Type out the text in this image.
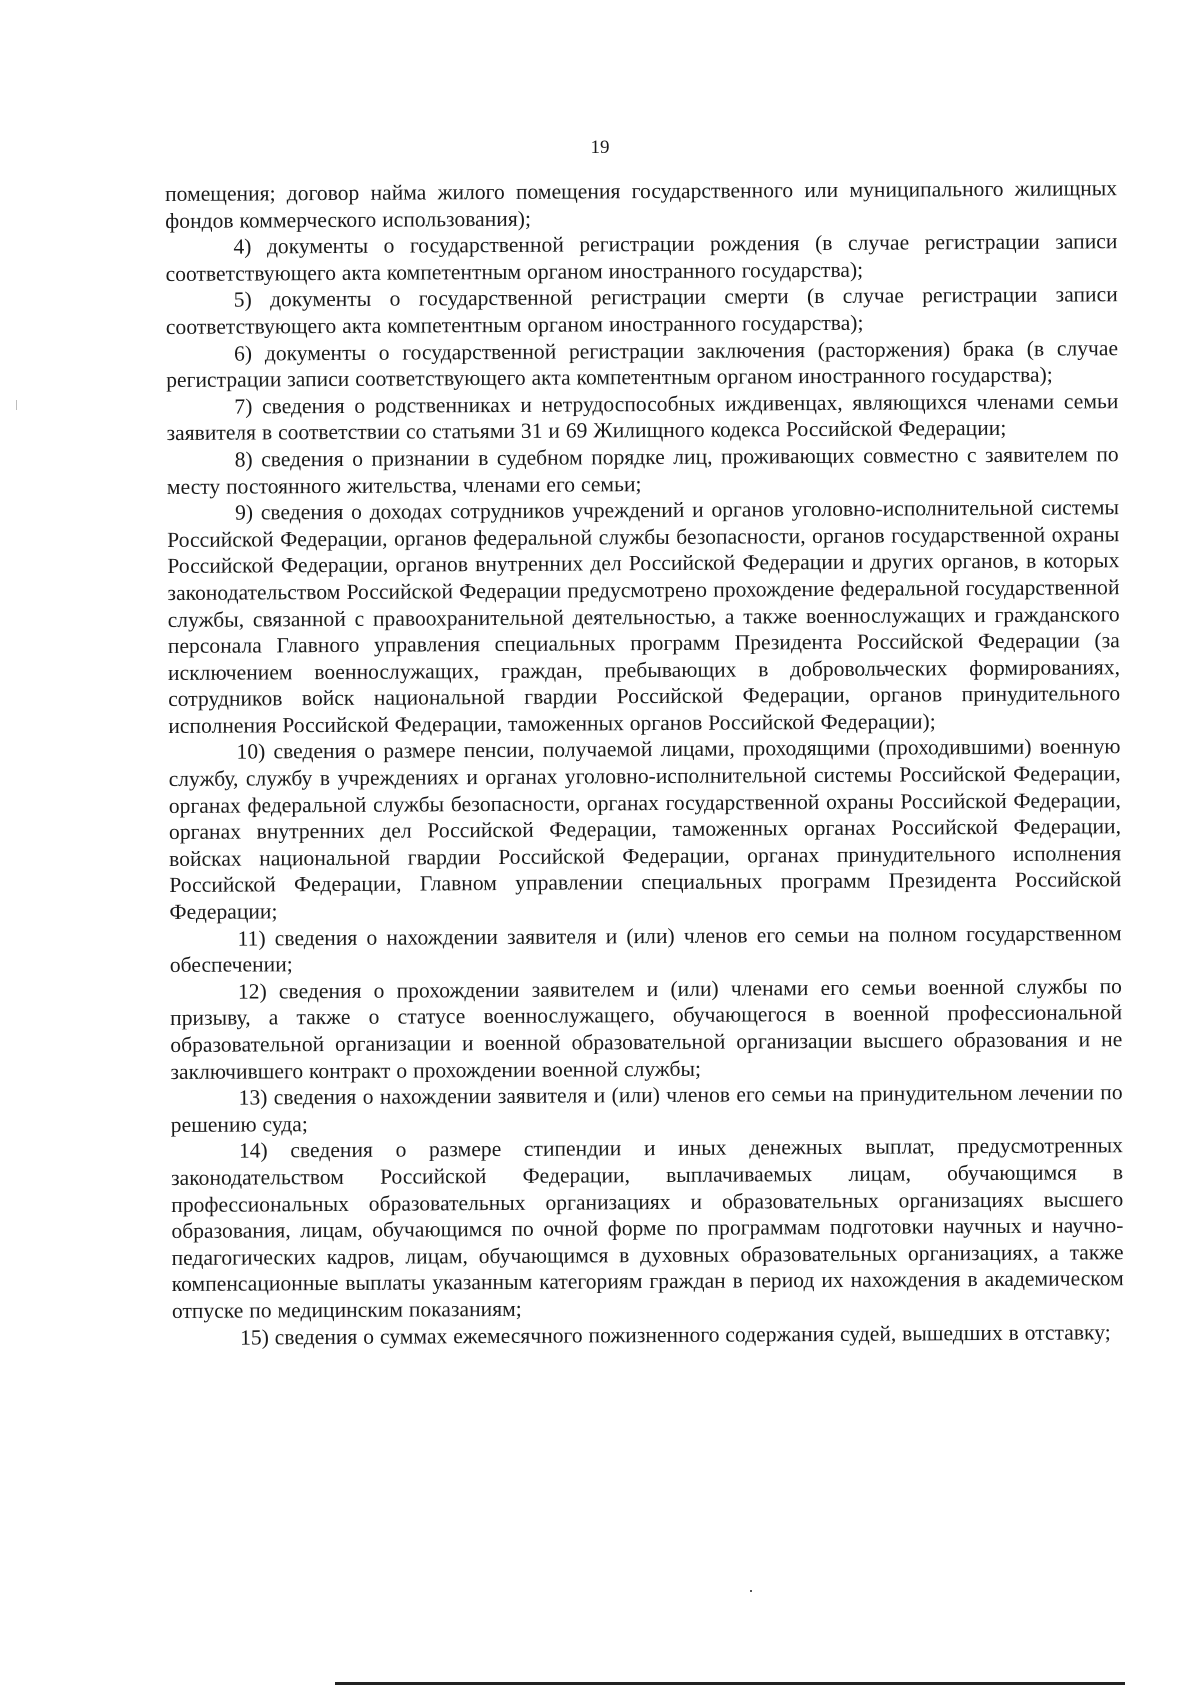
19

помещения; договор найма жилого помещения государственного или муниципального жилищных фондов коммерческого использования);

4) документы о государственной регистрации рождения (в случае регистрации записи соответствующего акта компетентным органом иностранного государства);

5) документы о государственной регистрации смерти (в случае регистрации записи соответствующего акта компетентным органом иностранного государства);

6) документы о государственной регистрации заключения (расторжения) брака (в случае регистрации записи соответствующего акта компетентным органом иностранного государства);

7) сведения о родственниках и нетрудоспособных иждивенцах, являющихся членами семьи заявителя в соответствии со статьями 31 и 69 Жилищного кодекса Российской Федерации;

8) сведения о признании в судебном порядке лиц, проживающих совместно с заявителем по месту постоянного жительства, членами его семьи;

9) сведения о доходах сотрудников учреждений и органов уголовно-исполнительной системы Российской Федерации, органов федеральной службы безопасности, органов государственной охраны Российской Федерации, органов внутренних дел Российской Федерации и других органов, в которых законодательством Российской Федерации предусмотрено прохождение федеральной государственной службы, связанной с правоохранительной деятельностью, а также военнослужащих и гражданского персонала Главного управления специальных программ Президента Российской Федерации (за исключением военнослужащих, граждан, пребывающих в добровольческих формированиях, сотрудников войск национальной гвардии Российской Федерации, органов принудительного исполнения Российской Федерации, таможенных органов Российской Федерации);

10) сведения о размере пенсии, получаемой лицами, проходящими (проходившими) военную службу, службу в учреждениях и органах уголовно-исполнительной системы Российской Федерации, органах федеральной службы безопасности, органах государственной охраны Российской Федерации, органах внутренних дел Российской Федерации, таможенных органах Российской Федерации, войсках национальной гвардии Российской Федерации, органах принудительного исполнения Российской Федерации, Главном управлении специальных программ Президента Российской Федерации;

11) сведения о нахождении заявителя и (или) членов его семьи на полном государственном обеспечении;

12) сведения о прохождении заявителем и (или) членами его семьи военной службы по призыву, а также о статусе военнослужащего, обучающегося в военной профессиональной образовательной организации и военной образовательной организации высшего образования и не заключившего контракт о прохождении военной службы;

13) сведения о нахождении заявителя и (или) членов его семьи на принудительном лечении по решению суда;

14) сведения о размере стипендии и иных денежных выплат, предусмотренных законодательством Российской Федерации, выплачиваемых лицам, обучающимся в профессиональных образовательных организациях и образовательных организациях высшего образования, лицам, обучающимся по очной форме по программам подготовки научных и научно-педагогических кадров, лицам, обучающимся в духовных образовательных организациях, а также компенсационные выплаты указанным категориям граждан в период их нахождения в академическом отпуске по медицинским показаниям;

15) сведения о суммах ежемесячного пожизненного содержания судей, вышедших в отставку;
